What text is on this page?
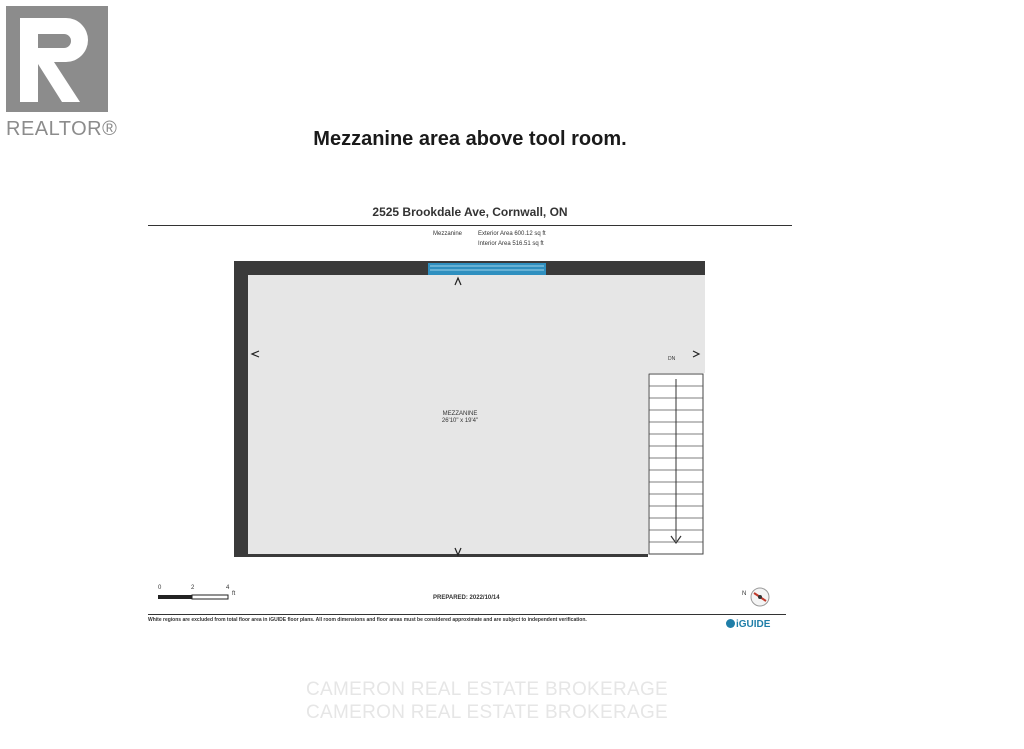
REALTOR®	Mezzanine area above tool room.
2525 Brookdale Ave, Cornwall, ON
Mezzanine	Exterior Area 600.12 sq ft
Interior Area 516.51 sq ft
MEZZANINE
26'10" x 19'4"
DN
0	2	4
ft
PREPARED: 2022/10/14
White regions are excluded from total floor area in iGUIDE floor plans. All room dimensions and floor areas must be considered approximate and are subject to independent verification.
N
iGUIDE
CAMERON REAL ESTATE BROKERAGE
CAMERON REAL ESTATE BROKERAGE
